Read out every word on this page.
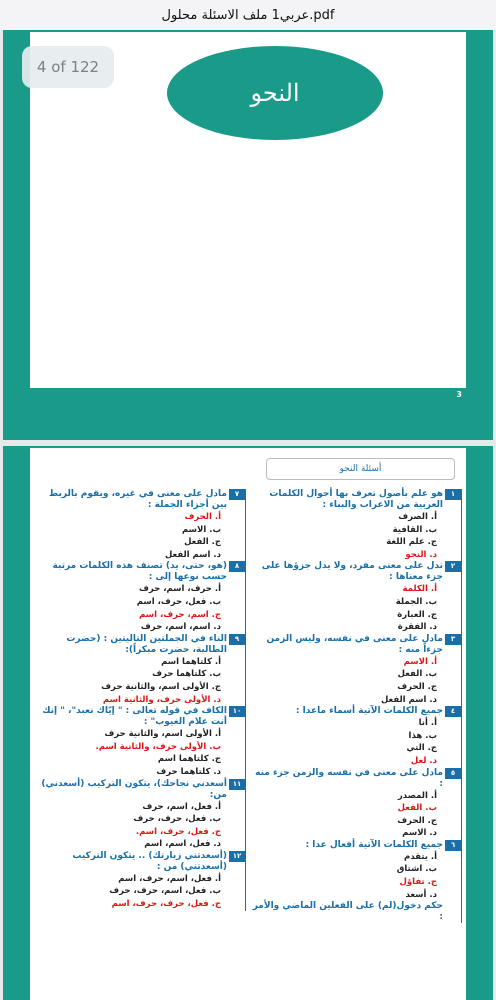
عربي1 ملف الاسئلة محلول.pdf
النحو
3
4 of 122
أسئلة النحو
١
هو علم بأصول تعرف بها أحوال الكلمات العربية من الاعراب والبناء :
أ. الصرف
ب. القافية
ج. علم اللغة
د. النحو
٢
تدل على معنى مفرد، ولا يدل جزؤها على جزء معناها :
أ. الكلمة
ب. الجملة
ج. العبارة
د. الفقرة
٣
مادل على معنى في نفسه، وليس الزمن جزءاً منه :
أ. الاسم
ب. الفعل
ج. الحرف
د. اسم الفعل
٤
جميع الكلمات الآتية أسماء ماعدا :
أ. أنا
ب. هذا
ج. التي
د. لعل
٥
مادل على معنى في نفسه والزمن جزء منه :
أ. المصدر
ب. الفعل
ج. الحرف
د. الاسم
٦
جميع الكلمات الآتية أفعال عدا :
أ. يتقدم
ب. اشتاق
ج. تفاؤل
د. أسعد
حكم دخول(لم) على الفعلين الماضي والأمر :
٧
مادل على معنى في غيره، ويقوم بالربط بين أجزاء الجملة :
أ. الحرف
ب. الاسم
ج. الفعل
د. اسم الفعل
٨
(هو، حتى، يد) تصنف هذه الكلمات مرتبة حسب نوعها إلى :
أ. حرف، اسم، حرف
ب. فعل، حرف، اسم
ج. اسم، حرف، اسم
د. اسم، اسم، حرف
٩
التاء في الجملتين التاليتين : (حضرت الطالبة، حضرت مبكراً):
أ. كلتاهما اسم
ب. كلتاهما حرف
ج. الأولى اسم، والثانية حرف
د. الأولى حرف، والثانية اسم
١٠
الكاف في قوله تعالى : " إيّاك نعبد"، " إنك أنت علام الغيوب" :
أ. الأولى اسم، والثانية حرف
ب. الأولى حرف، والثانية اسم.
ج. كلتاهما اسم
د. كلتاهما حرف
١١
أسعدني نجاحك)، يتكون التركيب (أسعدني) من:
أ. فعل، اسم، حرف
ب. فعل، حرف، حرف
ج. فعل، حرف، اسم.
د. فعل، اسم، اسم
١٢
(أسعدتني زيارتك) .. يتكون التركيب (أسعدتني) من :
أ. فعل، اسم، حرف، اسم
ب. فعل، اسم، حرف، حرف
ج. فعل، حرف، حرف، اسم
